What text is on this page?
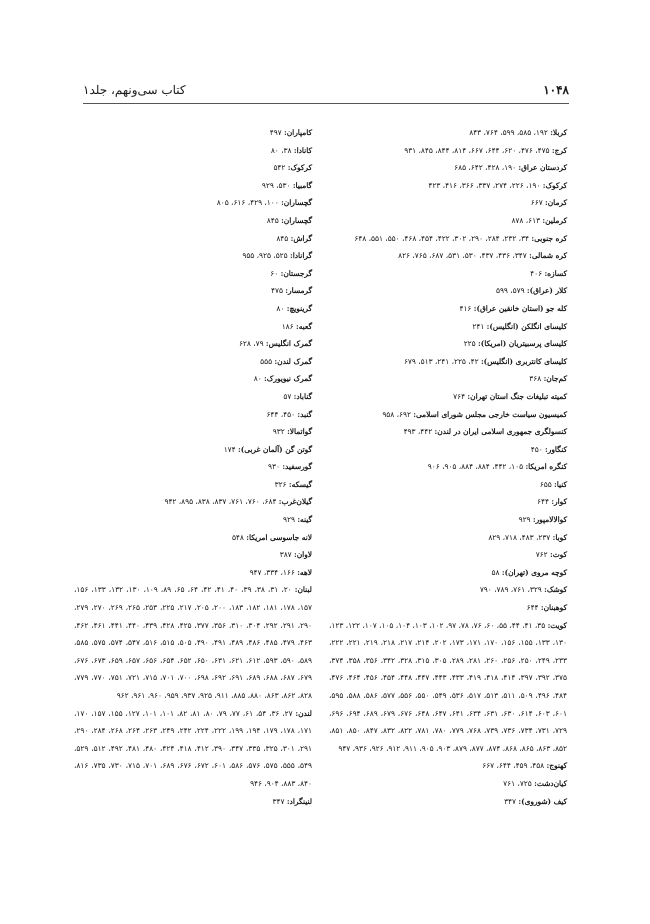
۱۰۴۸
کتاب سی‌ونهم، جلد۱
کربلا: ۱۹۲، ۵۸۵، ۵۹۹، ۷۶۴، ۸۴۳
کرج: ۴۷۵، ۴۷۶، ۶۲۰، ۶۴۴، ۶۶۷، ۸۱۴، ۸۴۴، ۸۴۵، ۹۳۱
کردستان عراق: ۱۹۰، ۴۲۸، ۶۴۲، ۶۸۵
کرکوک: ۱۹۰، ۲۲۶، ۲۷۴، ۳۳۷، ۳۶۶، ۴۱۶، ۴۲۳
کرمان: ۶۶۷
کرملین: ۶۱۳، ۸۷۸
کره جنوبی: ۳۴، ۲۳۲، ۲۸۴، ۲۹۰، ۳۰۲، ۴۲۲، ۴۵۴، ۴۶۸، ۵۵۰، ۵۵۱، ۶۴۸
کره شمالی: ۳۴۷، ۴۳۶، ۴۳۷، ۵۳۰، ۵۳۱، ۶۸۷، ۷۶۵، ۸۲۶
کسازه: ۴۰۶
کلار (عراق): ۵۷۹، ۵۹۹
کله جو (استان خانقین عراق): ۴۱۶
کلیسای انگلکن (انگلیس): ۲۴۱
کلیسای پرسبیتریان (امریکا): ۲۲۵
کلیسای کانتربری (انگلیس): ۴۲، ۲۲۵، ۲۴۱، ۵۱۳، ۶۷۹
کم‌جان: ۳۶۸
کمیته تبلیغات جنگ استان تهران: ۷۶۴
کمیسیون سیاست خارجی مجلس شورای اسلامی: ۶۹۲، ۹۵۸
کنسولگری جمهوری اسلامی ایران در لندن: ۴۴۲، ۴۹۳
کنگاور: ۴۵۰
کنگره امریکا: ۱۰۵، ۴۴۲، ۸۸۴، ۸۸۴، ۹۰۵، ۹۰۶
کنیا: ۶۵۵
کوار: ۶۴۴
کوالالامپور: ۹۲۹
کوبا: ۲۳۷، ۴۸۳، ۷۱۸، ۸۲۹
کوت: ۷۶۲
کوچه مروی (تهران): ۵۸
کوشک: ۳۲۹، ۷۶۱، ۷۸۹، ۷۹۰
کوهبنان: ۶۴۴
کویت: ۳۵، ۴۱، ۴۴، ۵۵، ۶۰، ۷۶، ۷۸، ۹۷، ۱۰۲، ۱۰۳، ۱۰۴، ۱۰۵، ۱۰۷، ۱۲۲، ۱۲۳، ۱۳۰، ۱۳۳، ۱۵۵، ۱۵۶، ۱۷۰، ۱۷۱، ۱۷۳، ۲۰۲، ۲۱۴، ۲۱۷، ۲۱۸، ۲۱۹، ۲۲۱، ۲۲۲، ۲۳۳، ۲۴۹، ۲۵۰، ۲۵۶، ۲۶۰، ۲۸۱، ۲۸۹، ۳۰۵، ۳۱۵، ۳۲۸، ۳۴۲، ۳۵۶، ۳۵۸، ۳۷۴، ۳۷۵، ۳۹۲، ۳۹۷، ۴۱۴، ۴۱۸، ۴۱۹، ۴۳۳، ۴۴۳، ۴۴۷، ۴۴۸، ۴۵۴، ۴۵۶، ۴۶۴، ۴۷۶، ۴۸۴، ۴۹۶، ۵۰۹، ۵۱۱، ۵۱۳، ۵۱۷، ۵۳۶، ۵۴۹، ۵۵۰، ۵۵۶، ۵۷۷، ۵۸۶، ۵۸۸، ۵۹۵، ۶۰۱، ۶۰۳، ۶۱۴، ۶۳۰، ۶۳۱، ۶۳۴، ۶۴۱، ۶۴۷، ۶۴۸، ۶۷۶، ۶۷۹، ۶۸۹، ۶۹۴، ۶۹۶، ۷۲۹، ۷۳۱، ۷۳۴، ۷۳۶، ۷۳۹، ۷۶۸، ۷۷۹، ۷۸۰، ۷۸۱، ۸۲۲، ۸۳۲، ۸۴۷، ۸۵۰، ۸۵۱، ۸۵۲، ۸۶۳، ۸۶۵، ۸۶۸، ۸۷۴، ۸۷۷، ۸۷۹، ۹۰۳، ۹۰۵، ۹۱۱، ۹۱۲، ۹۲۶، ۹۳۶، ۹۴۷
کهنوج: ۴۵۸، ۴۵۹، ۶۴۴، ۶۶۷
کیان‌دشت: ۷۲۵، ۷۶۱
کیف (شوروی): ۳۴۷
کامپاران: ۴۹۷
کانادا: ۳۸، ۸۰
کرکوک: ۵۴۲
گامبیا: ۵۳۰، ۹۲۹
گچساران: ۱۰۰، ۴۲۹، ۶۱۶، ۸۰۵
گچساران: ۸۴۵
گراش: ۸۴۵
گرانادا: ۵۲۵، ۹۲۵، ۹۵۵
گرجستان: ۶۰
گرمسار: ۴۷۵
گرینویچ: ۸۰
گعبه: ۱۸۶
گمرک انگلیس: ۷۹، ۶۲۸
گمرک لندن: ۵۵۵
گمرک نیویورک: ۸۰
گناباد: ۵۷
گنبد: ۴۵۰، ۶۴۴
گواتمالا: ۹۳۲
گوتن گن (آلمان غربی): ۱۷۴
گورسفید: ۹۳۰
گیسکه: ۳۲۶
گیلان‌غرب: ۶۸۴، ۷۶۰، ۷۶۱، ۸۳۷، ۸۳۸، ۸۹۵، ۹۴۲
گینه: ۹۲۹
لانه جاسوسی امریکا: ۵۴۸
لاوان: ۳۸۷
لاهه: ۱۶۶، ۳۳۴، ۹۴۷
لبنان: ۲۰، ۳۱، ۳۸، ۳۹، ۴۰، ۴۱، ۴۲، ۶۴، ۶۵، ۸۹، ۱۰۹، ۱۳۰، ۱۳۲، ۱۳۳، ۱۵۶، ۱۵۷، ۱۷۸، ۱۸۱، ۱۸۲، ۱۸۳، ۲۰۰، ۲۰۵، ۲۱۷، ۲۲۵، ۲۵۳، ۲۶۵، ۲۶۹، ۲۷۰، ۲۷۹، ۲۹۰، ۲۹۱، ۲۹۲، ۳۰۴، ۳۱۰، ۳۵۶، ۳۷۷، ۴۲۵، ۴۲۸، ۴۳۹، ۴۴۰، ۴۴۱، ۴۶۱، ۴۶۲، ۴۶۳، ۴۷۹، ۴۸۵، ۴۸۶، ۴۸۹، ۴۹۱، ۴۹۰، ۵۰۵، ۵۱۵، ۵۱۶، ۵۴۷، ۵۷۴، ۵۷۵، ۵۸۵، ۵۸۹، ۵۹۰، ۵۹۳، ۶۱۲، ۶۲۱، ۶۳۱، ۶۵۰، ۶۵۲، ۶۵۴، ۶۵۶، ۶۵۷، ۶۵۹، ۶۷۳، ۶۷۶، ۶۷۹، ۶۸۷، ۶۸۸، ۶۸۹، ۶۹۱، ۶۹۲، ۶۹۸، ۷۰۰، ۷۰۱، ۷۱۵، ۷۲۱، ۷۵۱، ۷۷۰، ۷۷۹، ۸۲۸، ۸۶۲، ۸۶۳، ۸۸۰، ۸۸۵، ۹۱۱، ۹۲۵، ۹۳۷، ۹۵۹، ۹۶۰، ۹۶۱، ۹۶۲
لندن: ۲۷، ۳۶، ۵۴، ۶۱، ۷۷، ۷۹، ۸۰، ۸۱، ۸۲، ۱۰۱، ۱۰۱، ۱۲۷، ۱۵۵، ۱۵۷، ۱۷۰، ۱۷۱، ۱۷۸، ۱۷۹، ۱۹۴، ۱۹۹، ۲۲۲، ۲۲۴، ۲۴۲، ۲۴۹، ۲۶۳، ۲۶۴، ۲۶۸، ۲۸۴، ۲۹۰، ۲۹۱، ۳۰۱، ۳۲۵، ۳۳۵، ۳۴۷، ۳۹۰، ۴۱۲، ۴۱۸، ۴۲۴، ۴۸۰، ۴۸۱، ۴۹۲، ۵۱۲، ۵۲۹، ۵۴۹، ۵۵۵، ۵۷۵، ۵۷۶، ۵۸۶، ۶۰۱، ۶۷۲، ۶۷۶، ۶۸۹، ۷۰۱، ۷۱۵، ۷۳۰، ۷۳۵، ۸۱۶، ۸۴۰، ۸۸۳، ۹۰۴، ۹۴۶
لنینگراد: ۳۴۷
